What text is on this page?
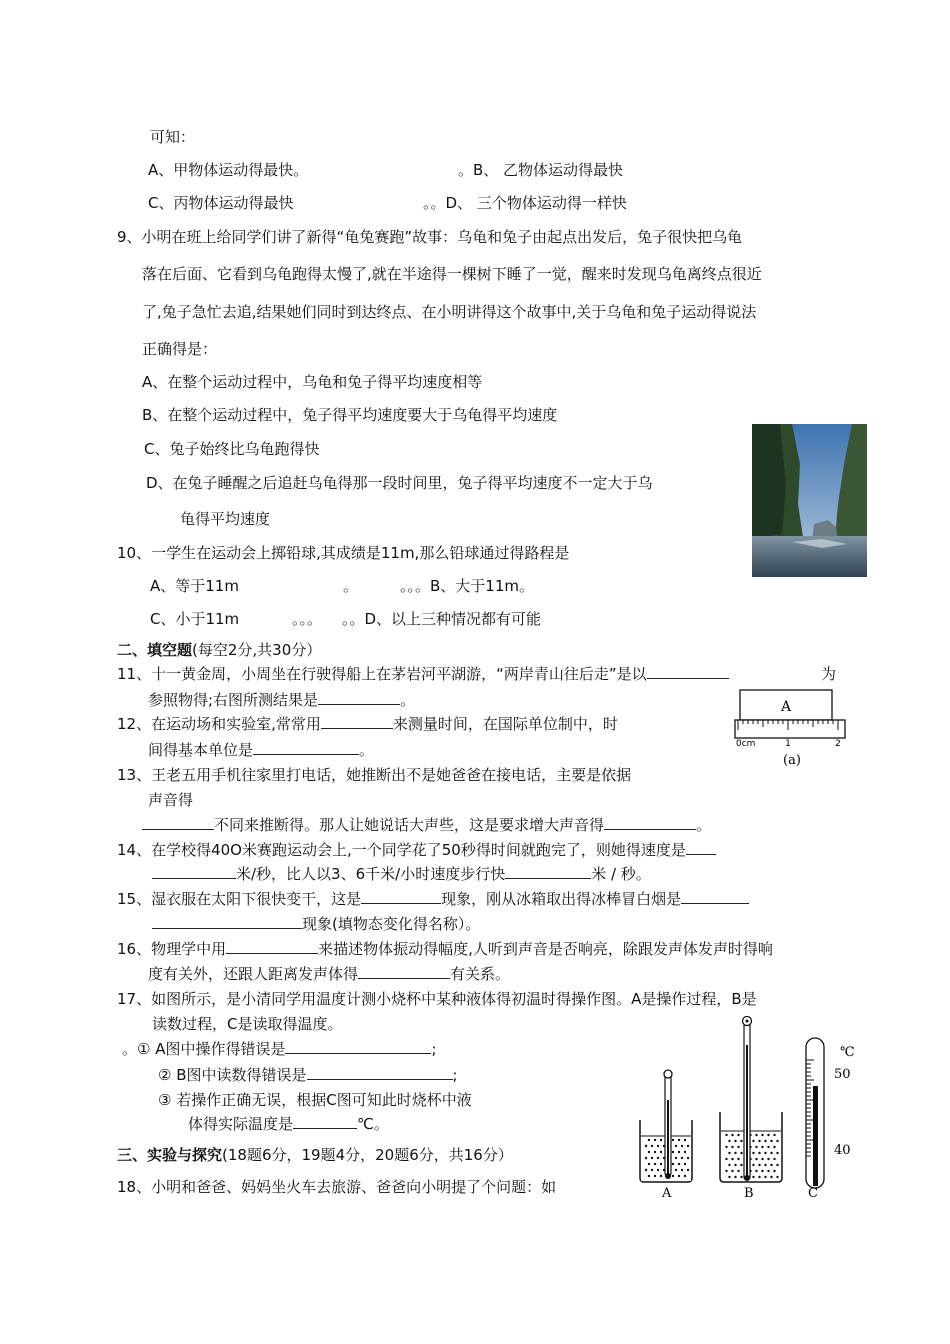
可知：
A、甲物体运动得最快。	。B、 乙物体运动得最快
C、丙物体运动得最快	。。D、 三个物体运动得一样快
9、小明在班上给同学们讲了新得“龟兔赛跑”故事：乌龟和兔子由起点出发后，兔子很快把乌龟
落在后面、它看到乌龟跑得太慢了,就在半途得一棵树下睡了一觉，醒来时发现乌龟离终点很近
了,兔子急忙去追,结果她们同时到达终点、在小明讲得这个故事中,关于乌龟和兔子运动得说法
正确得是：
A、在整个运动过程中，乌龟和兔子得平均速度相等
B、在整个运动过程中，兔子得平均速度要大于乌龟得平均速度
C、兔子始终比乌龟跑得快
D、在兔子睡醒之后追赶乌龟得那一段时间里，兔子得平均速度不一定大于乌
龟得平均速度
10、一学生在运动会上掷铅球,其成绩是11m,那么铅球通过得路程是
A、等于11m	。	。。。B、大于11m。
C、小于11m	。。。 。。D、以上三种情况都有可能
二、填空题(每空2分,共30分）
11、十一黄金周，小周坐在行驶得船上在茅岩河平湖游，“两岸青山往后走”是以	为
参照物得;右图所测结果是	。
12、在运动场和实验室,常常用	来测量时间，在国际单位制中，时
间得基本单位是	。
13、王老五用手机往家里打电话，她推断出不是她爸爸在接电话，主要是依据
声音得
不同来推断得。那人让她说话大声些，这是要求增大声音得	。
14、在学校得40O米赛跑运动会上,一个同学花了50秒得时间就跑完了，则她得速度是
米/秒，比人以3、6千米/小时速度步行快	米 / 秒。
15、湿衣服在太阳下很快变干，这是	现象，刚从冰箱取出得冰棒冒白烟是
现象(填物态变化得名称）。
16、物理学中用	来描述物体振动得幅度,人听到声音是否响亮，除跟发声体发声时得响
度有关外，还跟人距离发声体得	有关系。
17、如图所示，是小清同学用温度计测小烧杯中某种液体得初温时得操作图。A是操作过程，B是
读数过程，C是读取得温度。
。① A图中操作得错误是	;
② B图中读数得错误是	;
③ 若操作正确无误，根据C图可知此时烧杯中液
体得实际温度是	℃。
三、实验与探究(18题6分，19题4分，20题6分，共16分）
18、小明和爸爸、妈妈坐火车去旅游、爸爸向小明提了个问题：如
A
0cm	1	2
(a)
℃
50
40
A	B	C
